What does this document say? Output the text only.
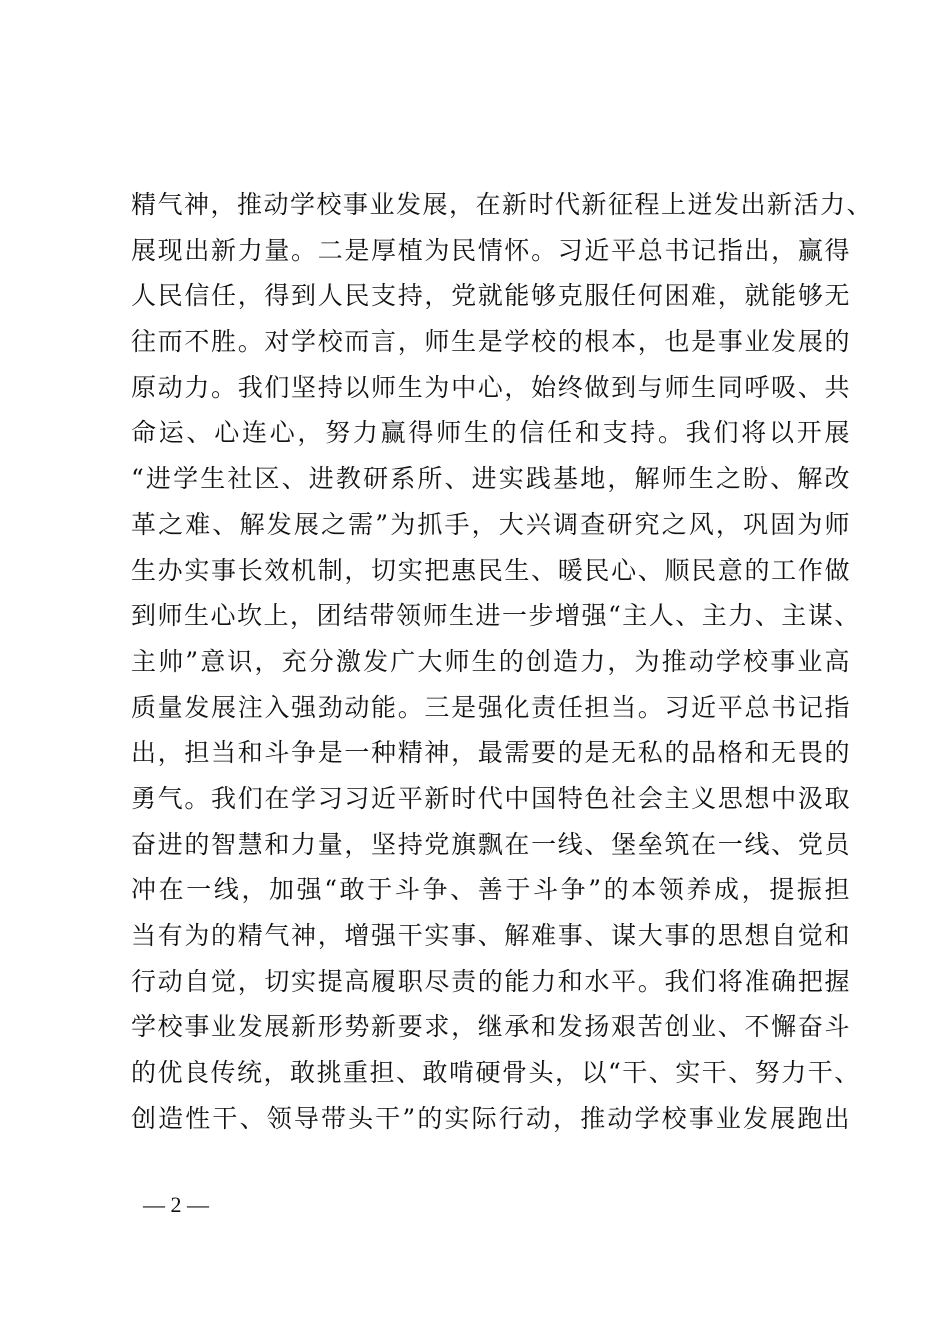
精气神，推动学校事业发展，在新时代新征程上迸发出新活力、
展现出新力量。二是厚植为民情怀。习近平总书记指出，赢得
人民信任，得到人民支持，党就能够克服任何困难，就能够无
往而不胜。对学校而言，师生是学校的根本，也是事业发展的
原动力。我们坚持以师生为中心，始终做到与师生同呼吸、共
命运、心连心，努力赢得师生的信任和支持。我们将以开展
“进学生社区、进教研系所、进实践基地，解师生之盼、解改
革之难、解发展之需”为抓手，大兴调查研究之风，巩固为师
生办实事长效机制，切实把惠民生、暖民心、顺民意的工作做
到师生心坎上，团结带领师生进一步增强“主人、主力、主谋、
主帅”意识，充分激发广大师生的创造力，为推动学校事业高
质量发展注入强劲动能。三是强化责任担当。习近平总书记指
出，担当和斗争是一种精神，最需要的是无私的品格和无畏的
勇气。我们在学习习近平新时代中国特色社会主义思想中汲取
奋进的智慧和力量，坚持党旗飘在一线、堡垒筑在一线、党员
冲在一线，加强“敢于斗争、善于斗争”的本领养成，提振担
当有为的精气神，增强干实事、解难事、谋大事的思想自觉和
行动自觉，切实提高履职尽责的能力和水平。我们将准确把握
学校事业发展新形势新要求，继承和发扬艰苦创业、不懈奋斗
的优良传统，敢挑重担、敢啃硬骨头，以“干、实干、努力干、
创造性干、领导带头干”的实际行动，推动学校事业发展跑出
— 2 —
